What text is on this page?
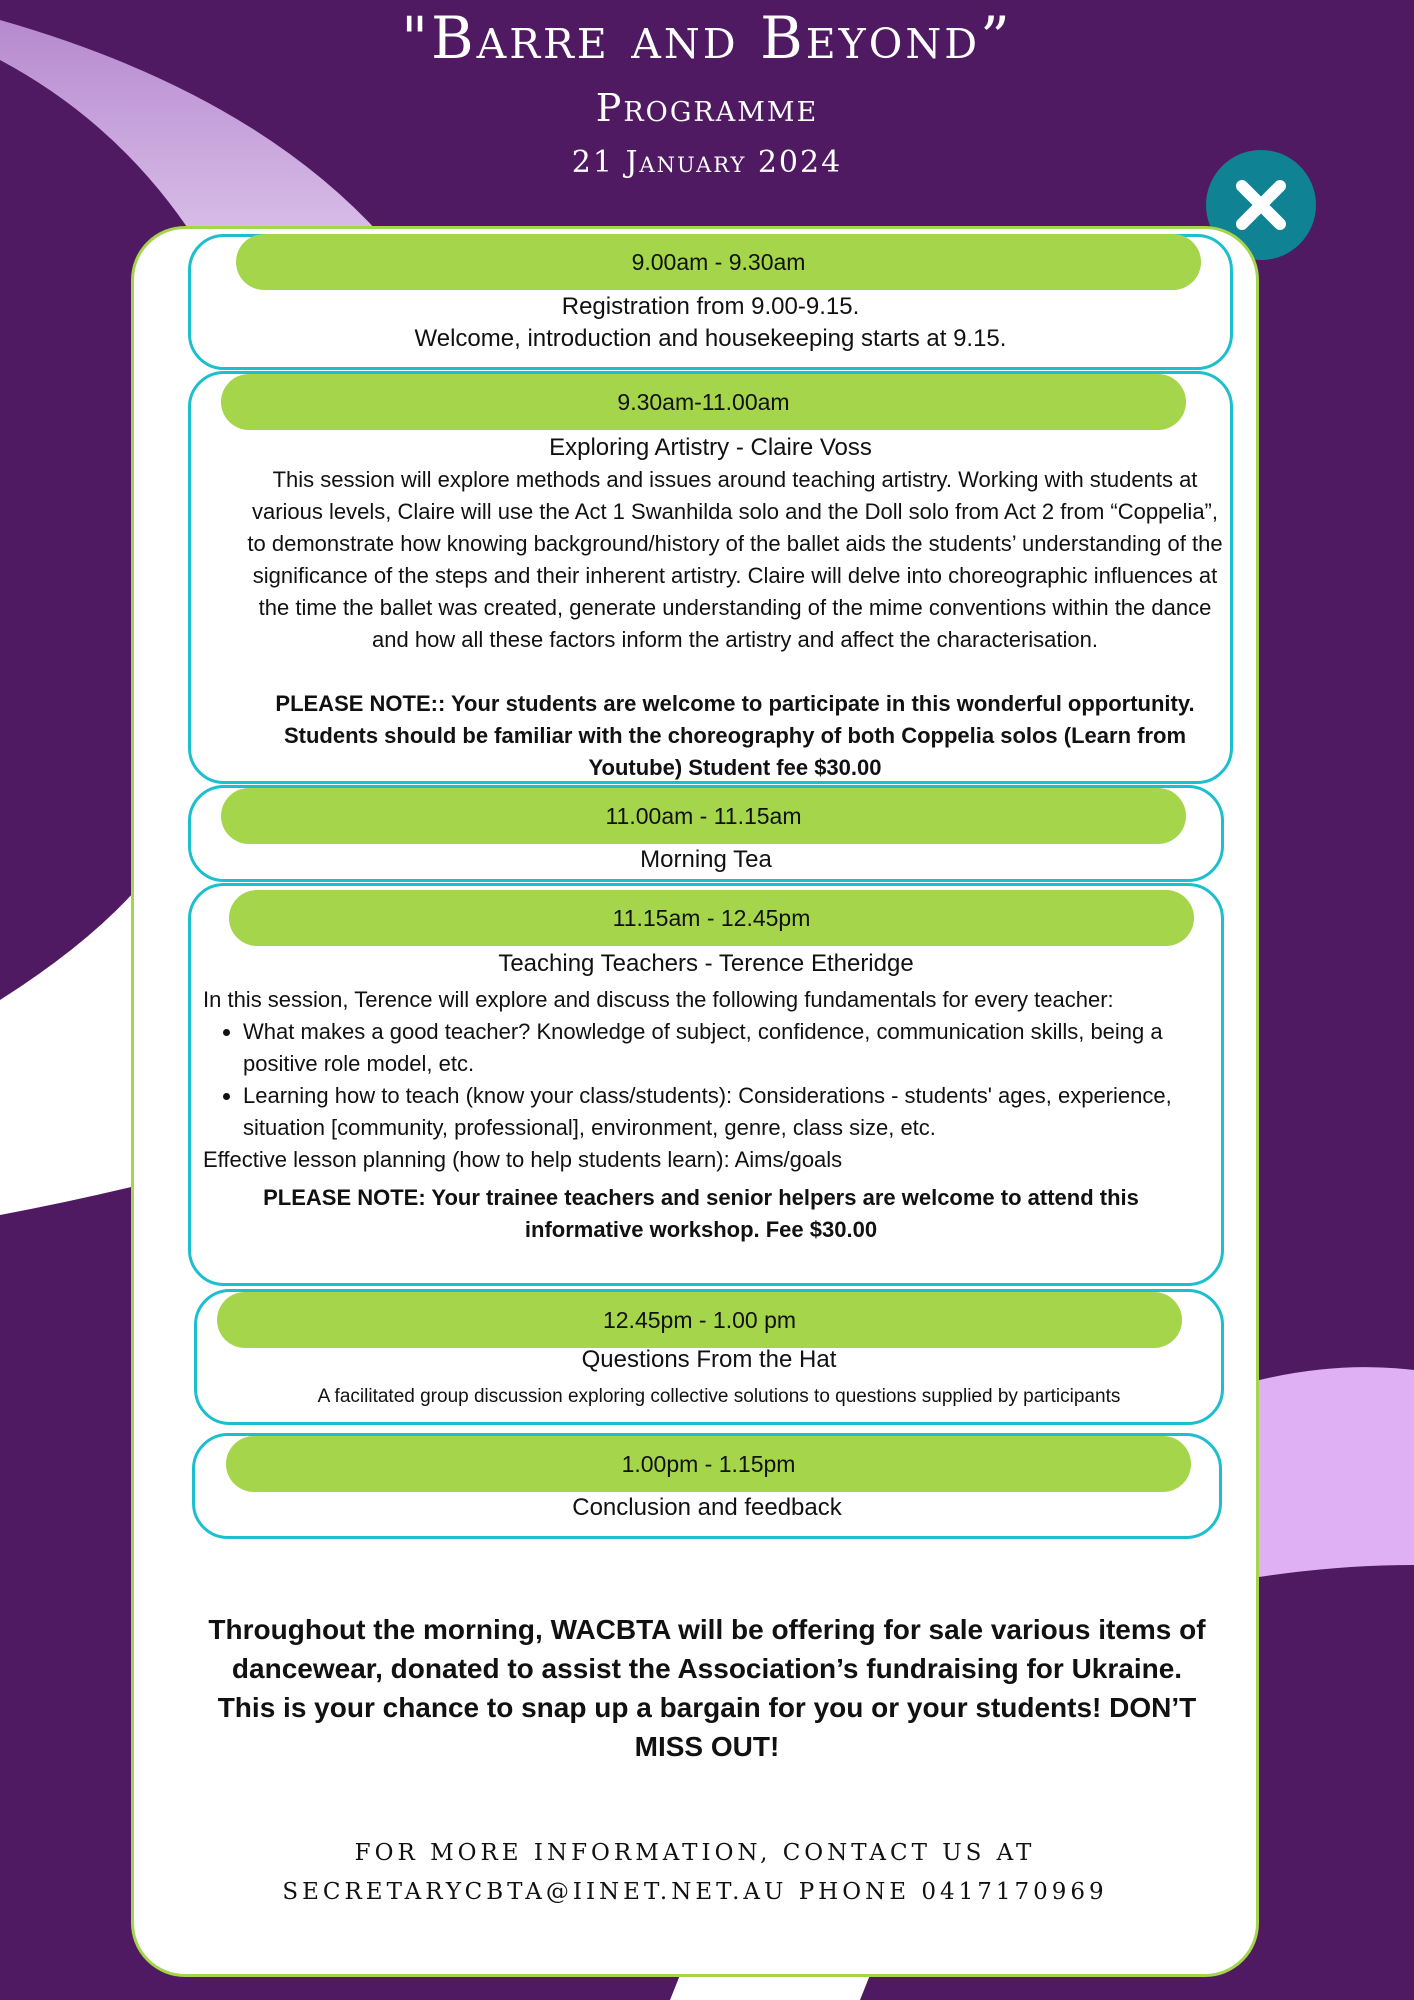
"Barre and Beyond”
Programme
21 January 2024
9.00am - 9.30am
Registration from 9.00-9.15.
Welcome, introduction and housekeeping starts at 9.15.
9.30am-11.00am
Exploring Artistry - Claire Voss
This session will explore methods and issues around teaching artistry. Working with students at various levels, Claire will use the Act 1 Swanhilda solo and the Doll solo from Act 2 from “Coppelia”, to demonstrate how knowing background/history of the ballet aids the students’ understanding of the significance of the steps and their inherent artistry. Claire will delve into choreographic influences at the time the ballet was created, generate understanding of the mime conventions within the dance and how all these factors inform the artistry and affect the characterisation.
PLEASE NOTE:: Your students are welcome to participate in this wonderful opportunity. Students should be familiar with the choreography of both Coppelia solos (Learn from Youtube) Student fee $30.00
11.00am - 11.15am
Morning Tea
11.15am - 12.45pm
Teaching Teachers - Terence Etheridge
In this session, Terence will explore and discuss the following fundamentals for every teacher:
• What makes a good teacher? Knowledge of subject, confidence, communication skills, being a positive role model, etc.
• Learning how to teach (know your class/students): Considerations - students' ages, experience, situation [community, professional], environment, genre, class size, etc.
Effective lesson planning (how to help students learn): Aims/goals
PLEASE NOTE: Your trainee teachers and senior helpers are welcome to attend this informative workshop. Fee $30.00
12.45pm - 1.00 pm
Questions From the Hat
A facilitated group discussion exploring collective solutions to questions supplied by participants
1.00pm - 1.15pm
Conclusion and feedback
Throughout the morning, WACBTA will be offering for sale various items of dancewear, donated to assist the Association’s fundraising for Ukraine. This is your chance to snap up a bargain for you or your students! DON’T MISS OUT!
FOR MORE INFORMATION, CONTACT US AT
SECRETARYCBTA@IINET.NET.AU PHONE 0417170969
